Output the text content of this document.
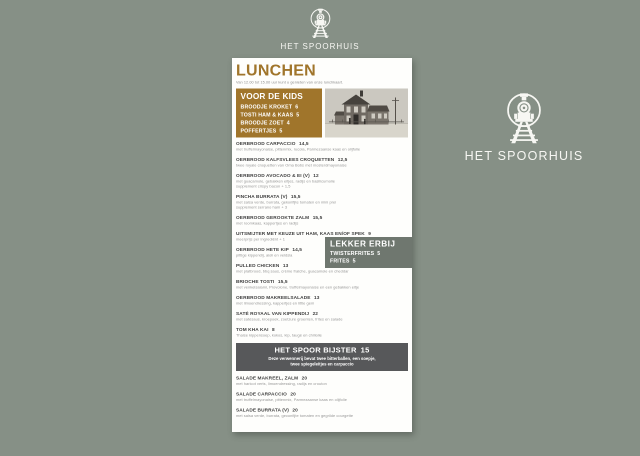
HET SPOORHUIS
HET SPOORHUIS
LUNCHEN
Van 12.00 tot 15.00 uur kunt u genieten van onze lunchkaart.
VOOR DE KIDS
BROODJE KROKET 6
TOSTI HAM & KAAS 5
BROODJE ZOET 4
POFFERTJES 5
OERBROOD CARPACCIO 14,5
met truffelmayonaise, pittenmix, rucola, Parmezaanse kaas en olijfolie
OERBROOD KALFSVLEES CROQUETTEN 12,5
twee royale croquetten van Oma Bobs met mosterdmayonaise
OERBROOD AVOCADO & EI (V) 12
met guacamole, gebakken eitjes, radijs en basilicumolie
supplement crispy bacon + 1,5
PINCHA BURRATA (V) 15,5
met salsa verde, burrata, gekonfijte tomaten en mini prei
supplement serrano ham + 3
OERBROOD GEROOKTE ZALM 15,5
met roomkaas, kappertjes en radijs
UITSMIJTER MET KEUZE UIT HAM, KAAS EN/OF SPEK 9
meerprijs per ingrediënt + 1
OERBROOD HETE KIP 14,5
pittige kippendij, aioli en veldsla
PULLED CHICKEN 13
met platbrood, bbq saus, crème fraîche, guacamole en cheddar
BRIOCHE TOSTI 15,5
met venkelsalami, Provolone, truffelmayonaise en een gebakken eitje
OERBROOD MAKREELSALADE 13
met limoendressing, kappertjes en little gem
SATÉ ROYAAL VAN KIPPENDIJ 22
met satésaus, kroepoek, zoetzure groenten, frites en salade
TOM KHA KAI 8
Thaise kippensoep, kokos, kip, taugé en chiliolie
HET SPOOR BIJSTER 15
Deze verwennerij bevat twee bitterballen, een soepje, twee spiegeleitjes en carpaccio
SALADE MAKREEL, ZALM 20
met haricot verts, limoendressing, radijs en crouton
SALADE CARPACCIO 20
met truffelmayonaise, pittenmix, Parmezaanse kaas en olijfolie
SALADE BURRATA (V) 20
met salsa verde, burrata, geconfijte tomaten en gegrilde courgette
LEKKER ERBIJ
TWISTERFRITES 5
FRITES 5
